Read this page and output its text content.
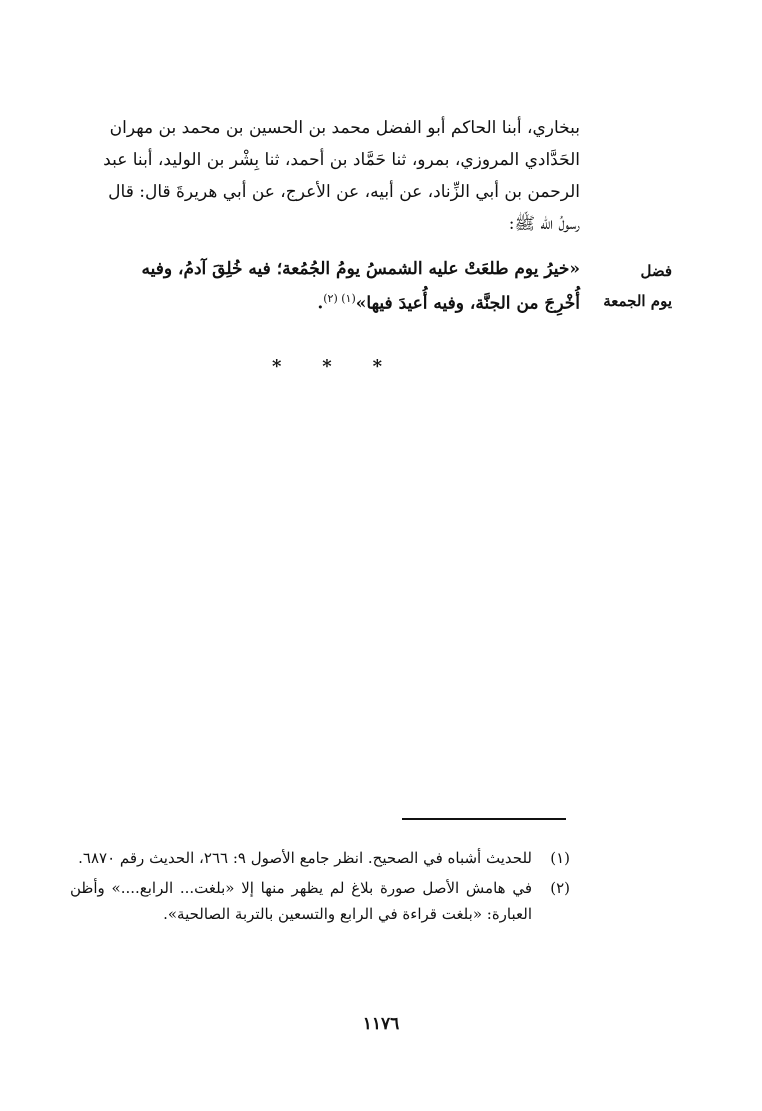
ببخاري، أبنا الحاكم أبو الفضل محمد بن الحسين بن محمد بن مهران

الحَدَّادي المروزي، بمرو، ثنا حَمَّاد بن أحمد، ثنا بِشْر بن الوليد، أبنا عبد

الرحمن بن أبي الزِّناد، عن أبيه، عن الأعرج، عن أبي هريرةَ قال: قال

رسولُ الله ﷺ:

فضل
يوم الجمعة

«خيرُ يوم طلعَتْ عليه الشمسُ يومُ الجُمُعة؛ فيه خُلِقَ آدمُ، وفيه

أُخْرِجَ من الجنَّة، وفيه أُعيدَ فيها»$^{(١) (٢)}$.

* * *
(١)
للحديث أشباه في الصحيح. انظر جامع الأصول ٩: ٢٦٦، الحديث رقم ٦٨٧٠.
(٢)
في هامش الأصل صورة بلاغ لم يظهر منها إلا «بلغت... الرابع....» وأظن العبارة: «بلغت قراءة في الرابع والتسعين بالتربة الصالحية».
١١٧٦
